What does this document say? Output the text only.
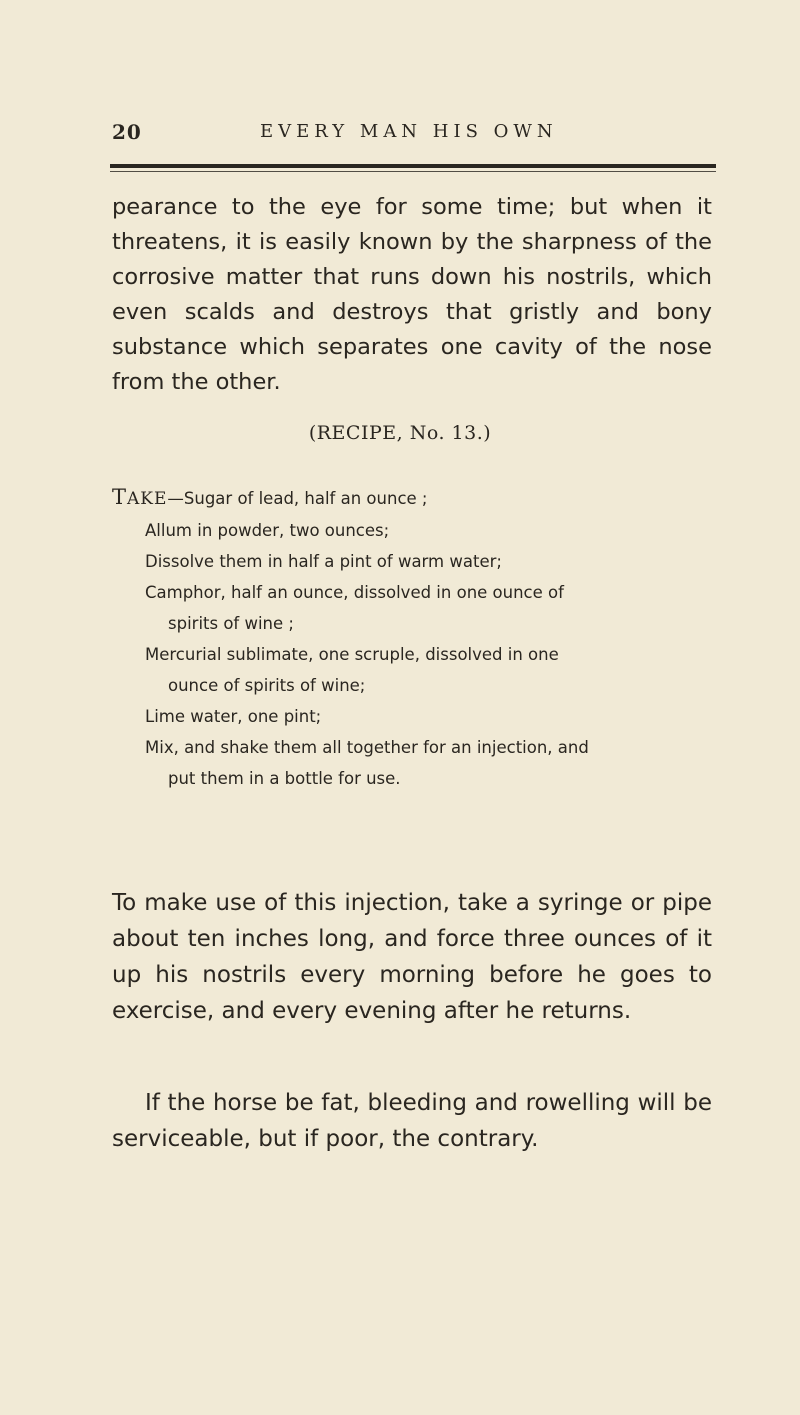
20	EVERY MAN HIS OWN

pearance to the eye for some time; but when it threatens, it is easily known by the sharpness of the corrosive matter that runs down his nostrils, which even scalds and destroys that gristly and bony substance which separates one cavity of the nose from the other.

(RECIPE, No. 13.)
TAKE—Sugar of lead, half an ounce ;
Allum in powder, two ounces;
Dissolve them in half a pint of warm water;
Camphor, half an ounce, dissolved in one ounce of
spirits of wine ;
Mercurial sublimate, one scruple, dissolved in one
ounce of spirits of wine;
Lime water, one pint;
Mix, and shake them all together for an injection, and
put them in a bottle for use.

To make use of this injection, take a syringe or pipe about ten inches long, and force three ounces of it up his nostrils every morning before he goes to exercise, and every evening after he returns.

If the horse be fat, bleeding and rowelling will be serviceable, but if poor, the contrary.
